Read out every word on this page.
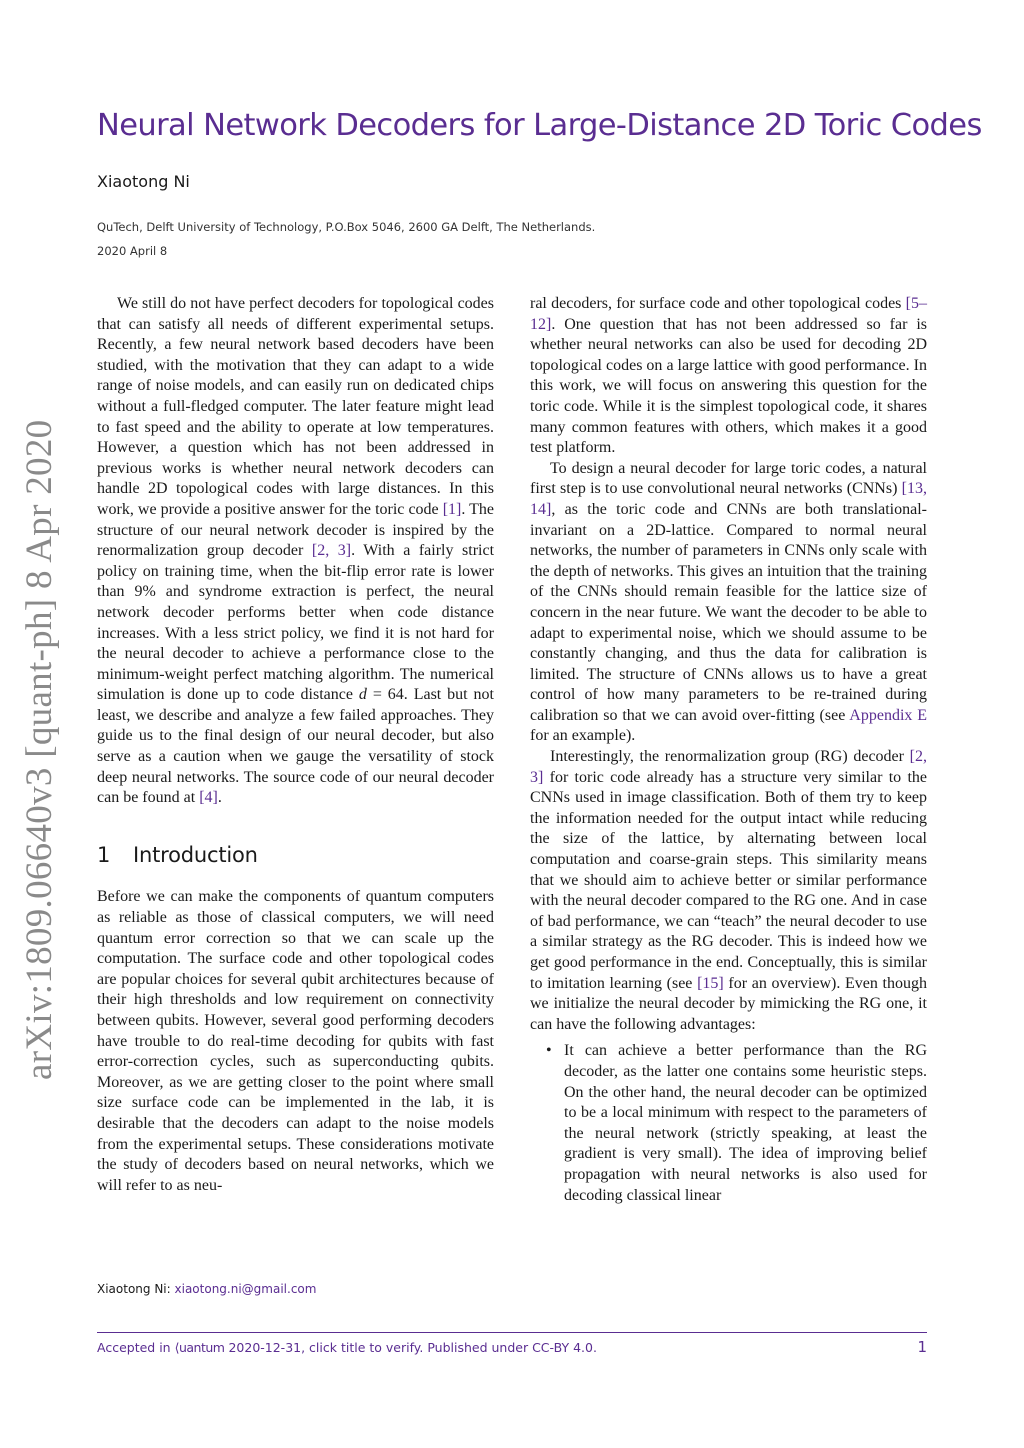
arXiv:1809.06640v3 [quant-ph] 8 Apr 2020
Neural Network Decoders for Large-Distance 2D Toric Codes
Xiaotong Ni
QuTech, Delft University of Technology, P.O.Box 5046, 2600 GA Delft, The Netherlands.
2020 April 8

We still do not have perfect decoders for topological codes that can satisfy all needs of different experimental setups. Recently, a few neural network based decoders have been studied, with the motivation that they can adapt to a wide range of noise models, and can easily run on dedicated chips without a full-fledged computer. The later feature might lead to fast speed and the ability to operate at low temperatures. However, a question which has not been addressed in previous works is whether neural network decoders can handle 2D topological codes with large distances. In this work, we provide a positive answer for the toric code [1]. The structure of our neural network decoder is inspired by the renormalization group decoder [2, 3]. With a fairly strict policy on training time, when the bit-flip error rate is lower than 9% and syndrome extraction is perfect, the neural network decoder performs better when code distance increases. With a less strict policy, we find it is not hard for the neural decoder to achieve a performance close to the minimum-weight perfect matching algorithm. The numerical simulation is done up to code distance d = 64. Last but not least, we describe and analyze a few failed approaches. They guide us to the final design of our neural decoder, but also serve as a caution when we gauge the versatility of stock deep neural networks. The source code of our neural decoder can be found at [4].

1 Introduction

Before we can make the components of quantum computers as reliable as those of classical computers, we will need quantum error correction so that we can scale up the computation. The surface code and other topological codes are popular choices for several qubit architectures because of their high thresholds and low requirement on connectivity between qubits. However, several good performing decoders have trouble to do real-time decoding for qubits with fast error-correction cycles, such as superconducting qubits. Moreover, as we are getting closer to the point where small size surface code can be implemented in the lab, it is desirable that the decoders can adapt to the noise models from the experimental setups. These considerations motivate the study of decoders based on neural networks, which we will refer to as neu-

Xiaotong Ni: xiaotong.ni@gmail.com

ral decoders, for surface code and other topological codes [5–12]. One question that has not been addressed so far is whether neural networks can also be used for decoding 2D topological codes on a large lattice with good performance. In this work, we will focus on answering this question for the toric code. While it is the simplest topological code, it shares many common features with others, which makes it a good test platform.

To design a neural decoder for large toric codes, a natural first step is to use convolutional neural networks (CNNs) [13, 14], as the toric code and CNNs are both translational-invariant on a 2D-lattice. Compared to normal neural networks, the number of parameters in CNNs only scale with the depth of networks. This gives an intuition that the training of the CNNs should remain feasible for the lattice size of concern in the near future. We want the decoder to be able to adapt to experimental noise, which we should assume to be constantly changing, and thus the data for calibration is limited. The structure of CNNs allows us to have a great control of how many parameters to be re-trained during calibration so that we can avoid over-fitting (see Appendix E for an example).

Interestingly, the renormalization group (RG) decoder [2, 3] for toric code already has a structure very similar to the CNNs used in image classification. Both of them try to keep the information needed for the output intact while reducing the size of the lattice, by alternating between local computation and coarse-grain steps. This similarity means that we should aim to achieve better or similar performance with the neural decoder compared to the RG one. And in case of bad performance, we can “teach” the neural decoder to use a similar strategy as the RG decoder. This is indeed how we get good performance in the end. Conceptually, this is similar to imitation learning (see [15] for an overview). Even though we initialize the neural decoder by mimicking the RG one, it can have the following advantages:

• It can achieve a better performance than the RG decoder, as the latter one contains some heuristic steps. On the other hand, the neural decoder can be optimized to be a local minimum with respect to the parameters of the neural network (strictly speaking, at least the gradient is very small). The idea of improving belief propagation with neural networks is also used for decoding classical linear
Accepted in ⟨uantum 2020-12-31, click title to verify. Published under CC-BY 4.0.	1
